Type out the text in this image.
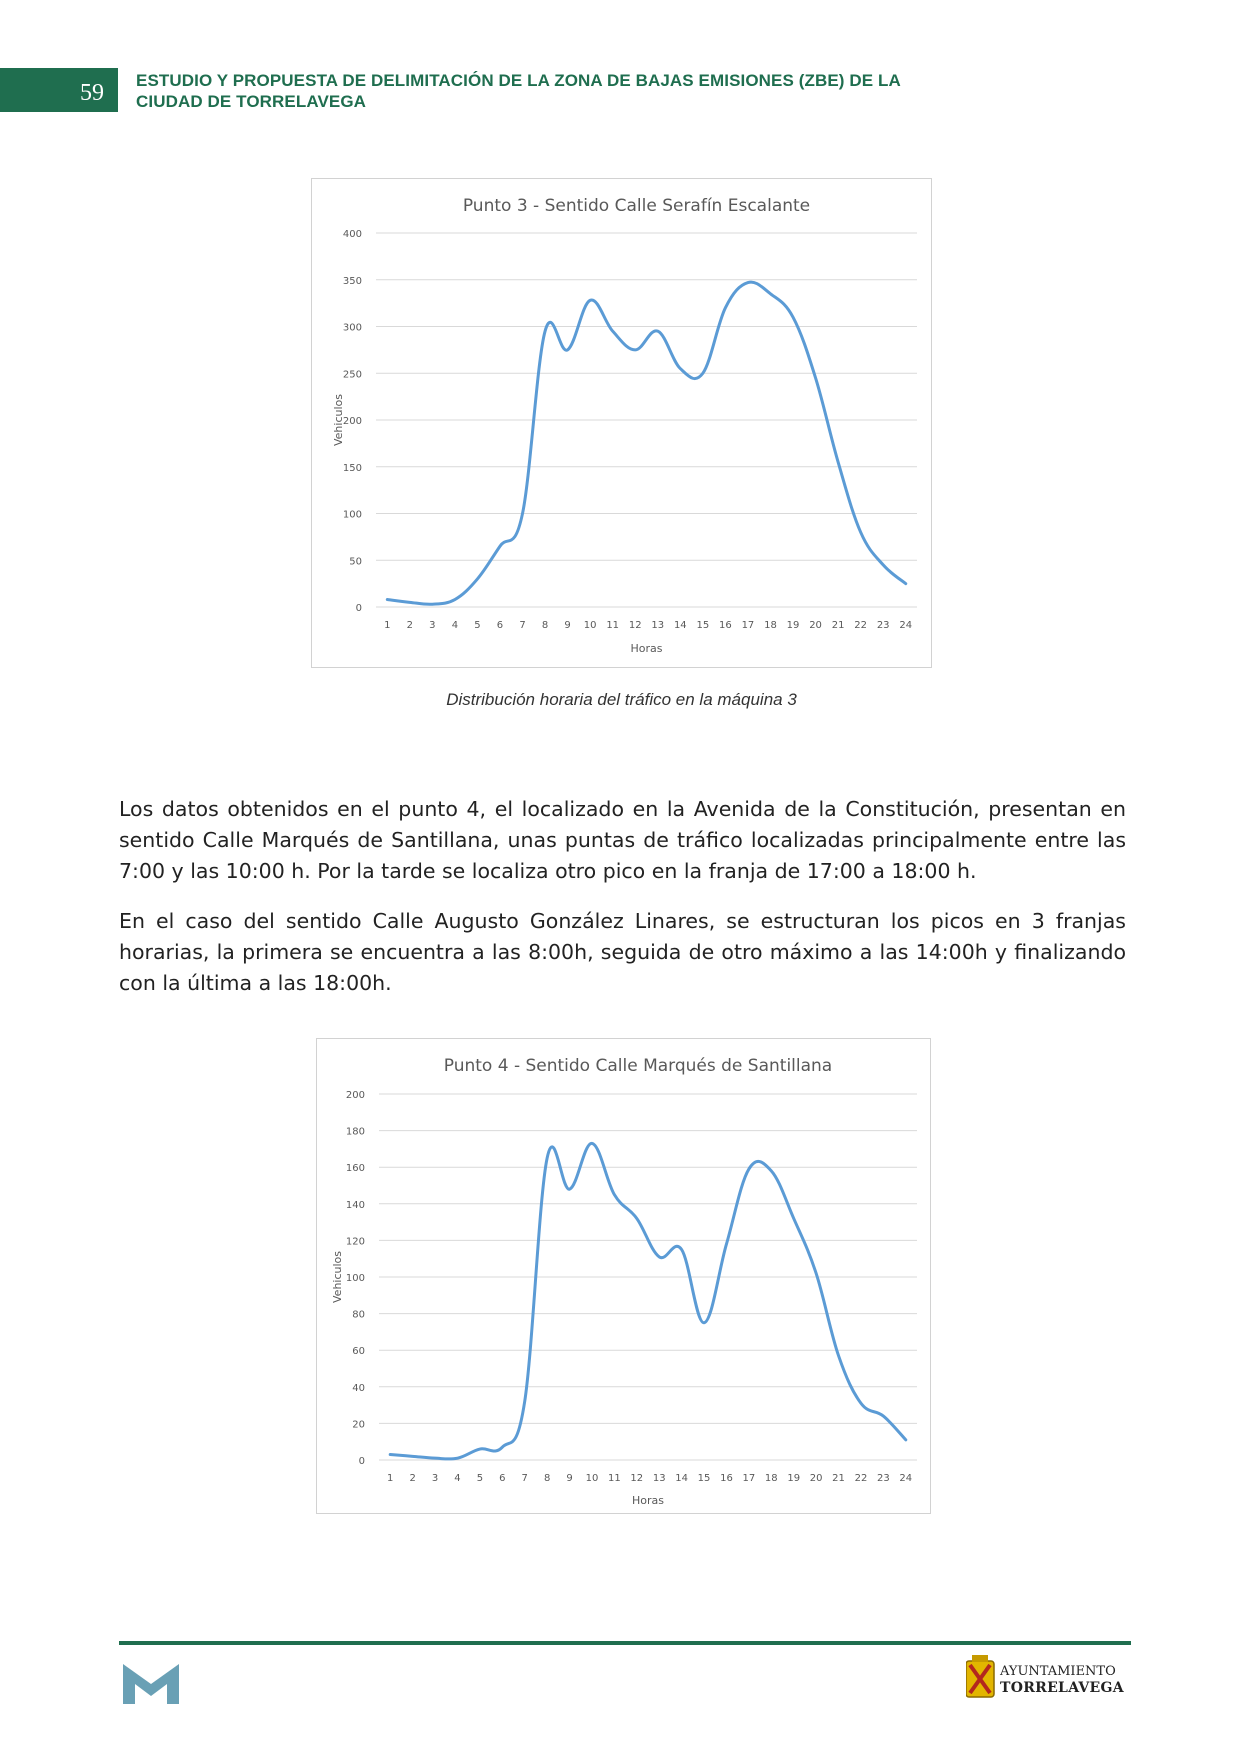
59 ESTUDIO Y PROPUESTA DE DELIMITACIÓN DE LA ZONA DE BAJAS EMISIONES (ZBE) DE LA CIUDAD DE TORRELAVEGA
Punto 3 - Sentido Calle Serafín Escalante
0
50
100
150
200
250
300
350
400
1 2 3 4 5 6 7 8 9 10 11 12 13 14 15 16 17 18 19 20 21 22 23 24
Horas
Vehiculos
Distribución horaria del tráfico en la máquina 3

Los datos obtenidos en el punto 4, el localizado en la Avenida de la Constitución, presentan en sentido Calle Marqués de Santillana, unas puntas de tráfico localizadas principalmente entre las 7:00 y las 10:00 h. Por la tarde se localiza otro pico en la franja de 17:00 a 18:00 h.

En el caso del sentido Calle Augusto González Linares, se estructuran los picos en 3 franjas horarias, la primera se encuentra a las 8:00h, seguida de otro máximo a las 14:00h y finalizando con la última a las 18:00h.

Punto 4 - Sentido Calle Marqués de Santillana
0
20
40
60
80
100
120
140
160
180
200
1 2 3 4 5 6 7 8 9 10 11 12 13 14 15 16 17 18 19 20 21 22 23 24
Horas
Vehiculos
AYUNTAMIENTO
TORRELAVEGA
